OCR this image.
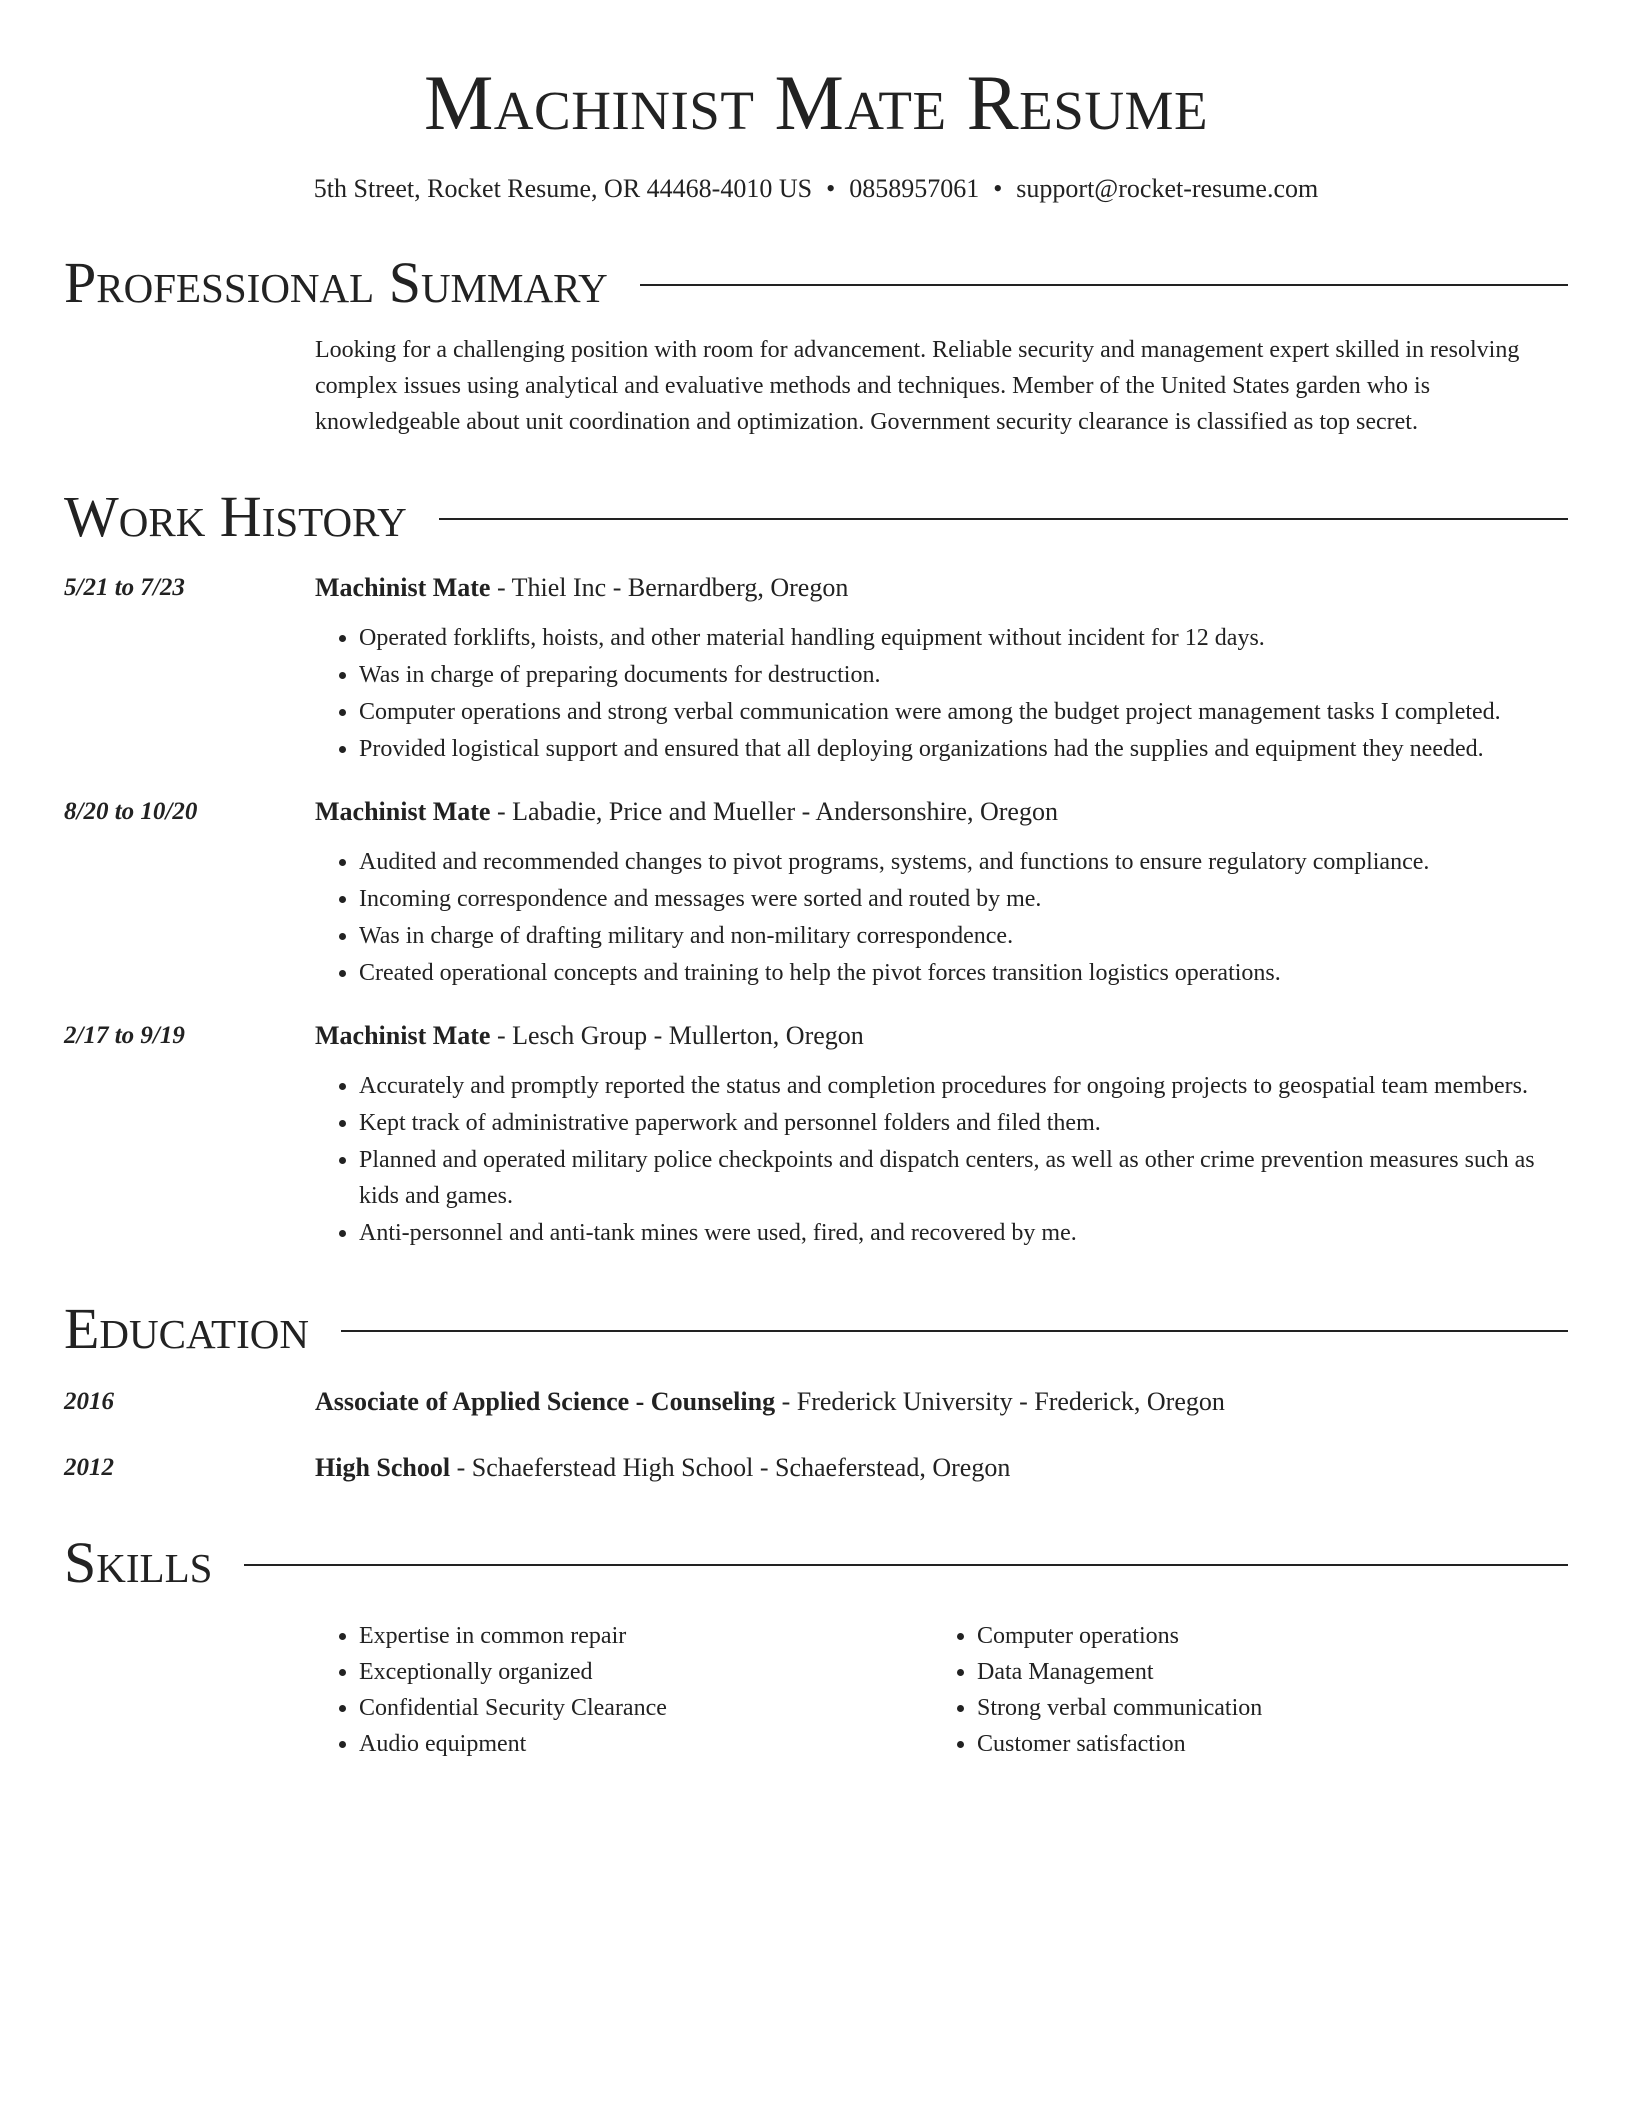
Machinist Mate Resume
5th Street, Rocket Resume, OR 44468-4010 US • 0858957061 • support@rocket-resume.com
Professional Summary
Looking for a challenging position with room for advancement. Reliable security and management expert skilled in resolving complex issues using analytical and evaluative methods and techniques. Member of the United States garden who is knowledgeable about unit coordination and optimization. Government security clearance is classified as top secret.
Work History
5/21 to 7/23	Machinist Mate - Thiel Inc - Bernardberg, Oregon
• Operated forklifts, hoists, and other material handling equipment without incident for 12 days.
• Was in charge of preparing documents for destruction.
• Computer operations and strong verbal communication were among the budget project management tasks I completed.
• Provided logistical support and ensured that all deploying organizations had the supplies and equipment they needed.
8/20 to 10/20	Machinist Mate - Labadie, Price and Mueller - Andersonshire, Oregon
• Audited and recommended changes to pivot programs, systems, and functions to ensure regulatory compliance.
• Incoming correspondence and messages were sorted and routed by me.
• Was in charge of drafting military and non-military correspondence.
• Created operational concepts and training to help the pivot forces transition logistics operations.
2/17 to 9/19	Machinist Mate - Lesch Group - Mullerton, Oregon
• Accurately and promptly reported the status and completion procedures for ongoing projects to geospatial team members.
• Kept track of administrative paperwork and personnel folders and filed them.
• Planned and operated military police checkpoints and dispatch centers, as well as other crime prevention measures such as kids and games.
• Anti-personnel and anti-tank mines were used, fired, and recovered by me.
Education
2016	Associate of Applied Science - Counseling - Frederick University - Frederick, Oregon
2012	High School - Schaeferstead High School - Schaeferstead, Oregon
Skills
• Expertise in common repair
• Exceptionally organized
• Confidential Security Clearance
• Audio equipment
• Computer operations
• Data Management
• Strong verbal communication
• Customer satisfaction
